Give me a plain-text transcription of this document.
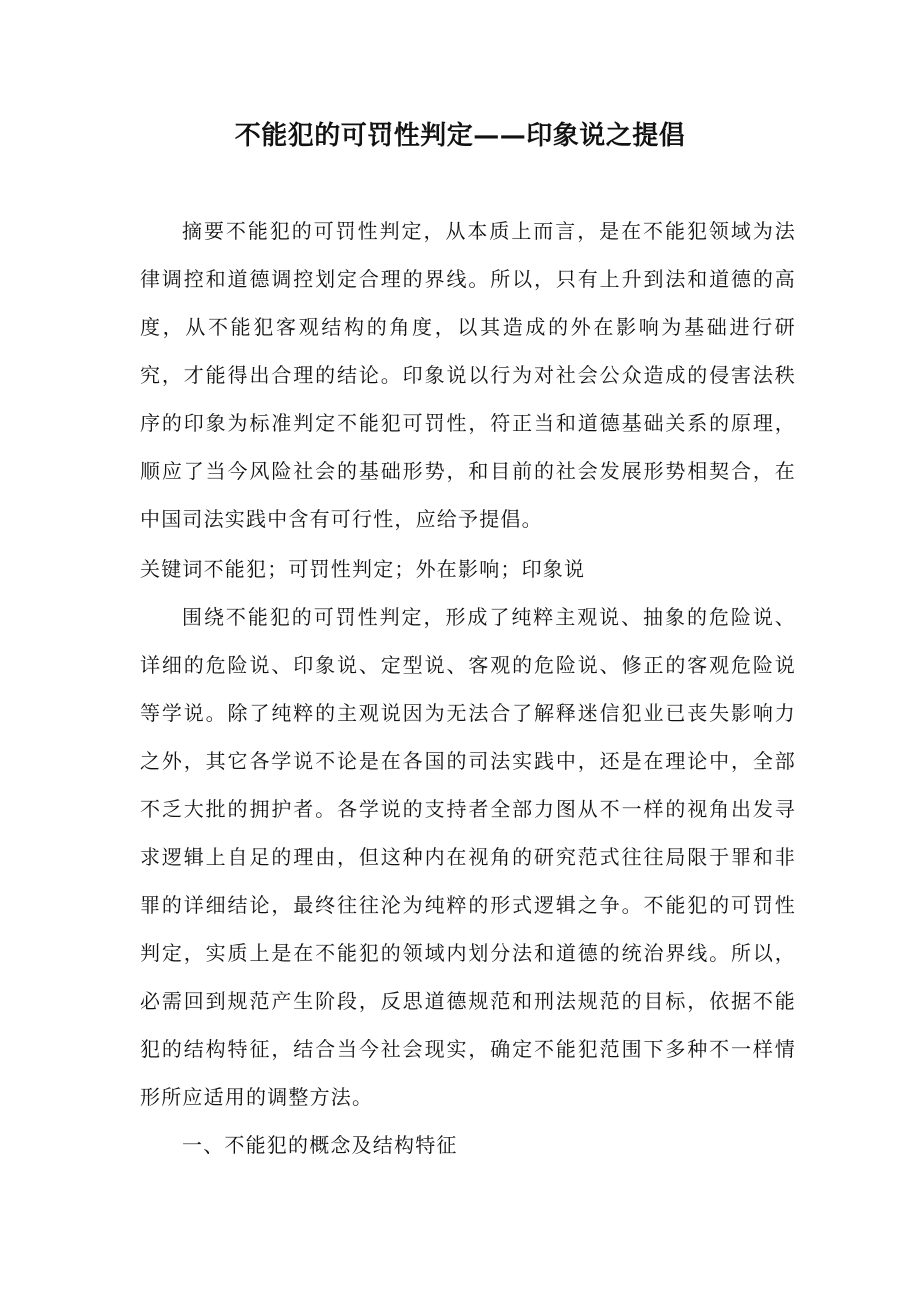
不能犯的可罚性判定——印象说之提倡

摘要不能犯的可罚性判定，从本质上而言，是在不能犯领域为法律调控和道德调控划定合理的界线。所以，只有上升到法和道德的高度，从不能犯客观结构的角度，以其造成的外在影响为基础进行研究，才能得出合理的结论。印象说以行为对社会公众造成的侵害法秩序的印象为标准判定不能犯可罚性，符正当和道德基础关系的原理，顺应了当今风险社会的基础形势，和目前的社会发展形势相契合，在中国司法实践中含有可行性，应给予提倡。

关键词不能犯；可罚性判定；外在影响；印象说

围绕不能犯的可罚性判定，形成了纯粹主观说、抽象的危险说、详细的危险说、印象说、定型说、客观的危险说、修正的客观危险说等学说。除了纯粹的主观说因为无法合了解释迷信犯业已丧失影响力之外，其它各学说不论是在各国的司法实践中，还是在理论中，全部不乏大批的拥护者。各学说的支持者全部力图从不一样的视角出发寻求逻辑上自足的理由，但这种内在视角的研究范式往往局限于罪和非罪的详细结论，最终往往沦为纯粹的形式逻辑之争。不能犯的可罚性判定，实质上是在不能犯的领域内划分法和道德的统治界线。所以，必需回到规范产生阶段，反思道德规范和刑法规范的目标，依据不能犯的结构特征，结合当今社会现实，确定不能犯范围下多种不一样情形所应适用的调整方法。

一、不能犯的概念及结构特征
